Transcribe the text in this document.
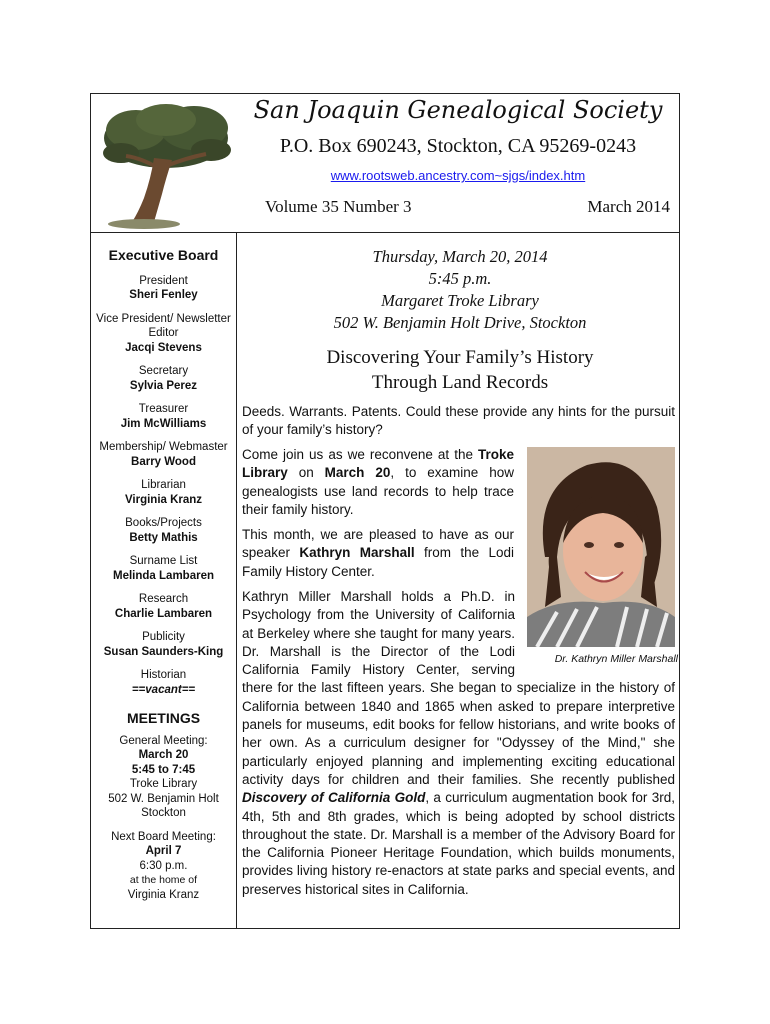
San Joaquin Genealogical Society
P.O. Box 690243, Stockton, CA 95269-0243
www.rootsweb.ancestry.com~sjgs/index.htm
Volume 35 Number 3	March 2014
Executive Board
President
Sheri Fenley
Vice President/ Newsletter Editor
Jacqi Stevens
Secretary
Sylvia Perez
Treasurer
Jim McWilliams
Membership/ Webmaster
Barry Wood
Librarian
Virginia Kranz
Books/Projects
Betty Mathis
Surname List
Melinda Lambaren
Research
Charlie Lambaren
Publicity
Susan Saunders-King
Historian
==vacant==
MEETINGS
General Meeting:
March 20
5:45 to 7:45
Troke Library
502 W. Benjamin Holt
Stockton
Next Board Meeting:
April 7
6:30 p.m.
at the home of
Virginia Kranz
Thursday, March 20, 2014
5:45 p.m.
Margaret Troke Library
502 W. Benjamin Holt Drive, Stockton
Discovering Your Family’s History
Through Land Records
Deeds. Warrants. Patents. Could these provide any hints for the pursuit of your family’s history?
Come join us as we reconvene at the Troke Library on March 20, to examine how genealogists use land records to help trace their family history.
This month, we are pleased to have as our speaker Kathryn Marshall from the Lodi Family History Center.

Kathryn Miller Marshall holds a Ph.D. in Psychology from the University of California at Berkeley where she taught for many years. Dr. Marshall is the Director of the Lodi California Family History Center, serving there for the last fifteen years. She began to specialize in the history of California between 1840 and 1865 when asked to prepare interpretive panels for museums, edit books for fellow historians, and write books of her own. As a curriculum designer for "Odyssey of the Mind," she particularly enjoyed planning and implementing exciting educational activity days for children and their families. She recently published Discovery of California Gold, a curriculum augmentation book for 3rd, 4th, 5th and 8th grades, which is being adopted by school districts throughout the state. Dr. Marshall is a member of the Advisory Board for the California Pioneer Heritage Foundation, which builds monuments, provides living history re-enactors at state parks and special events, and preserves historical sites in California.

Dr. Kathryn Miller Marshall
